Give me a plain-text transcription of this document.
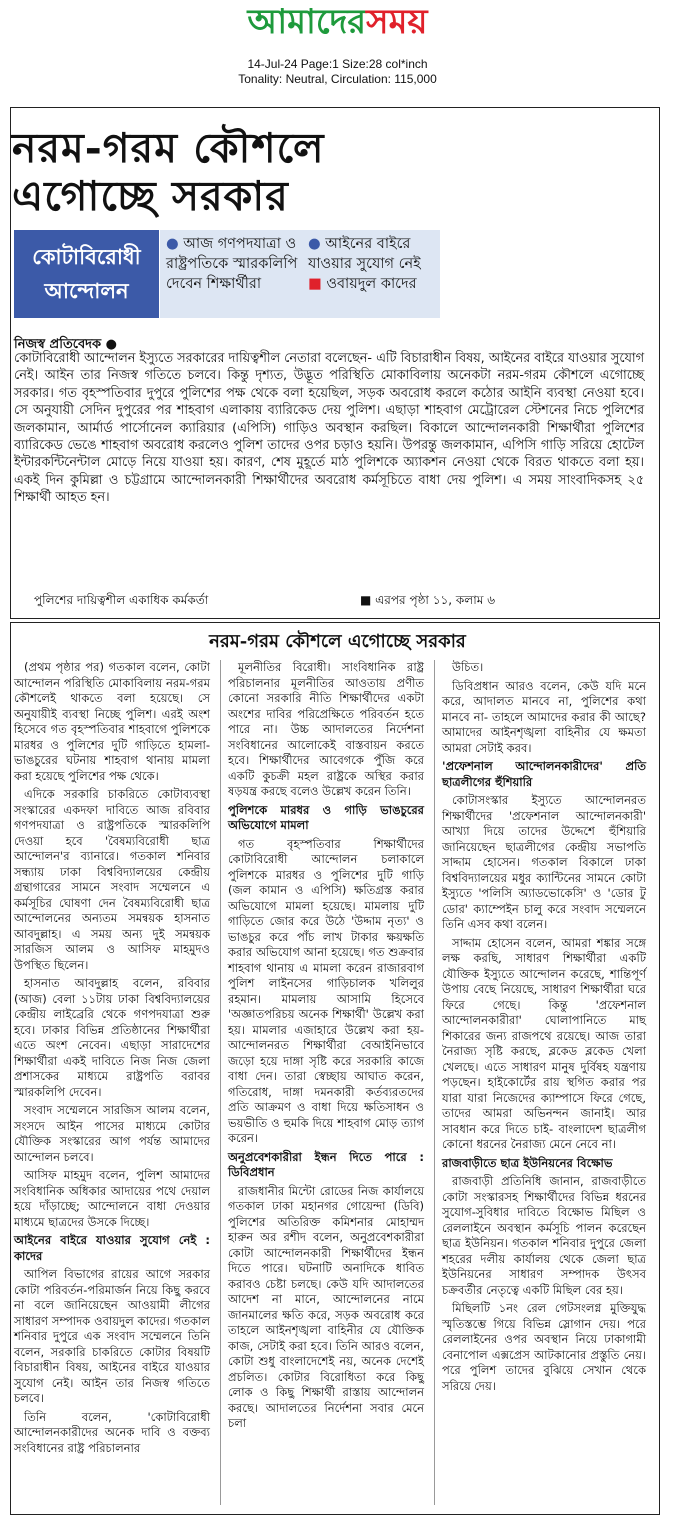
আমাদেরসময়
14-Jul-24 Page:1 Size:28 col*inch
Tonality: Neutral, Circulation: 115,000
নরম-গরম কৌশলে
এগোচ্ছে সরকার
কোটাবিরোধী
আন্দোলন
● আজ গণপদযাত্রা ও রাষ্ট্রপতিকে স্মারকলিপি দেবেন শিক্ষার্থীরা
● আইনের বাইরে যাওয়ার সুযোগ নেই
■ ওবায়দুল কাদের
নিজস্ব প্রতিবেদক ●
কোটাবিরোধী আন্দোলন ইস্যুতে সরকারের দায়িত্বশীল নেতারা বলেছেন- এটি বিচারাধীন বিষয়, আইনের বাইরে যাওয়ার সুযোগ নেই। আইন তার নিজস্ব গতিতে চলবে। কিন্তু দৃশ্যত, উদ্ভূত পরিস্থিতি মোকাবিলায় অনেকটা নরম-গরম কৌশলে এগোচ্ছে সরকার। গত বৃহস্পতিবার দুপুরে পুলিশের পক্ষ থেকে বলা হয়েছিল, সড়ক অবরোধ করলে কঠোর আইনি ব্যবস্থা নেওয়া হবে। সে অনুযায়ী সেদিন দুপুরের পর শাহবাগ এলাকায় ব্যারিকেড দেয় পুলিশ। এছাড়া শাহবাগ মেট্রোরেল স্টেশনের নিচে পুলিশের জলকামান, আর্মার্ড পার্সোনেল ক্যারিয়ার (এপিসি) গাড়িও অবস্থান করছিল। বিকালে আন্দোলনকারী শিক্ষার্থীরা পুলিশের ব্যারিকেড ভেঙে শাহবাগ অবরোধ করলেও পুলিশ তাদের ওপর চড়াও হয়নি। উপরন্তু জলকামান, এপিসি গাড়ি সরিয়ে হোটেল ইন্টারকন্টিনেন্টাল মোড়ে নিয়ে যাওয়া হয়। কারণ, শেষ মুহূর্তে মাঠ পুলিশকে অ্যাকশন নেওয়া থেকে বিরত থাকতে বলা হয়। একই দিন কুমিল্লা ও চট্টগ্রামে আন্দোলনকারী শিক্ষার্থীদের অবরোধ কর্মসূচিতে বাধা দেয় পুলিশ। এ সময় সাংবাদিকসহ ২৫ শিক্ষার্থী আহত হন।
পুলিশের দায়িত্বশীল একাধিক কর্মকর্তা	■ এরপর পৃষ্ঠা ১১, কলাম ৬
নরম-গরম কৌশলে এগোচ্ছে সরকার

(প্রথম পৃষ্ঠার পর) গতকাল বলেন, কোটা আন্দোলন পরিস্থিতি মোকাবিলায় নরম-গরম কৌশলেই থাকতে বলা হয়েছে। সে অনুযায়ীই ব্যবস্থা নিচ্ছে পুলিশ। এরই অংশ হিসেবে গত বৃহস্পতিবার শাহবাগে পুলিশকে মারধর ও পুলিশের দুটি গাড়িতে হামলা-ভাঙচুরের ঘটনায় শাহবাগ থানায় মামলা করা হয়েছে পুলিশের পক্ষ থেকে।

এদিকে সরকারি চাকরিতে কোটাব্যবস্থা সংস্কারের একদফা দাবিতে আজ রবিবার গণপদযাত্রা ও রাষ্ট্রপতিকে স্মারকলিপি দেওয়া হবে 'বৈষম্যবিরোধী ছাত্র আন্দোলন'র ব্যানারে। গতকাল শনিবার সন্ধ্যায় ঢাকা বিশ্ববিদ্যালয়ের কেন্দ্রীয় গ্রন্থাগারের সামনে সংবাদ সম্মেলনে এ কর্মসূচির ঘোষণা দেন বৈষম্যবিরোধী ছাত্র আন্দোলনের অন্যতম সমন্বয়ক হাসনাত আবদুল্লাহ। এ সময় অন্য দুই সমন্বয়ক সারজিস আলম ও আসিফ মাহমুদও উপস্থিত ছিলেন।

হাসনাত আবদুল্লাহ বলেন, রবিবার (আজ) বেলা ১১টায় ঢাকা বিশ্ববিদ্যালয়ের কেন্দ্রীয় লাইব্রেরি থেকে গণপদযাত্রা শুরু হবে। ঢাকার বিভিন্ন প্রতিষ্ঠানের শিক্ষার্থীরা এতে অংশ নেবেন। এছাড়া সারাদেশের শিক্ষার্থীরা একই দাবিতে নিজ নিজ জেলা প্রশাসকের মাধ্যমে রাষ্ট্রপতি বরাবর স্মারকলিপি দেবেন।

সংবাদ সম্মেলনে সারজিস আলম বলেন, সংসদে আইন পাসের মাধ্যমে কোটার যৌক্তিক সংস্কারের আগ পর্যন্ত আমাদের আন্দোলন চলবে।

আসিফ মাহমুদ বলেন, পুলিশ আমাদের সংবিধানিক অধিকার আদায়ের পথে দেয়াল হয়ে দাঁড়াচ্ছে; আন্দোলনে বাধা দেওয়ার মাধ্যমে ছাত্রদের উসকে দিচ্ছে।

আইনের বাইরে যাওয়ার সুযোগ নেই : কাদের

আপিল বিভাগের রায়ের আগে সরকার কোটা পরিবর্তন-পরিমার্জন নিয়ে কিছু করবে না বলে জানিয়েছেন আওয়ামী লীগের সাধারণ সম্পাদক ওবায়দুল কাদের। গতকাল শনিবার দুপুরে এক সংবাদ সম্মেলনে তিনি বলেন, সরকারি চাকরিতে কোটার বিষয়টি বিচারাধীন বিষয়, আইনের বাইরে যাওয়ার সুযোগ নেই। আইন তার নিজস্ব গতিতে চলবে।

তিনি বলেন, 'কোটাবিরোধী আন্দোলনকারীদের অনেক দাবি ও বক্তব্য সংবিধানের রাষ্ট্র পরিচালনার

মূলনীতির বিরোধী। সাংবিধানিক রাষ্ট্র পরিচালনার মূলনীতির আওতায় প্রণীত কোনো সরকারি নীতি শিক্ষার্থীদের একটা অংশের দাবির পরিপ্রেক্ষিতে পরিবর্তন হতে পারে না। উচ্চ আদালতের নির্দেশনা সংবিধানের আলোকেই বাস্তবায়ন করতে হবে। শিক্ষার্থীদের আবেগকে পুঁজি করে একটি কুচক্রী মহল রাষ্ট্রকে অস্থির করার ষড়যন্ত্র করছে বলেও উল্লেখ করেন তিনি।

পুলিশকে মারধর ও গাড়ি ভাঙচুরের অভিযোগে মামলা

গত বৃহস্পতিবার শিক্ষার্থীদের কোটাবিরোধী আন্দোলন চলাকালে পুলিশকে মারধর ও পুলিশের দুটি গাড়ি (জল কামান ও এপিসি) ক্ষতিগ্রস্ত করার অভিযোগে মামলা হয়েছে। মামলায় দুটি গাড়িতে জোর করে উঠে 'উদ্দাম নৃত্য' ও ভাঙচুর করে পাঁচ লাখ টাকার ক্ষয়ক্ষতি করার অভিযোগ আনা হয়েছে। গত শুক্রবার শাহবাগ থানায় এ মামলা করেন রাজারবাগ পুলিশ লাইনসের গাড়িচালক খলিলুর রহমান। মামলায় আসামি হিসেবে 'অজ্ঞাতপরিচয় অনেক শিক্ষার্থী' উল্লেখ করা হয়। মামলার এজাহারে উল্লেখ করা হয়- আন্দোলনরত শিক্ষার্থীরা বেআইনিভাবে জড়ো হয়ে দাঙ্গা সৃষ্টি করে সরকারি কাজে বাধা দেন। তারা স্বেচ্ছায় আঘাত করেন, গতিরোধ, দাঙ্গা দমনকারী কর্তব্যরতদের প্রতি আক্রমণ ও বাধা দিয়ে ক্ষতিসাধন ও ভয়ভীতি ও হুমকি দিয়ে শাহবাগ মোড় ত্যাগ করেন।

অনুপ্রবেশকারীরা ইন্ধন দিতে পারে : ডিবিপ্রধান

রাজধানীর মিন্টো রোডের নিজ কার্যালয়ে গতকাল ঢাকা মহানগর গোয়েন্দা (ডিবি) পুলিশের অতিরিক্ত কমিশনার মোহাম্মদ হারুন অর রশীদ বলেন, অনুপ্রবেশকারীরা কোটা আন্দোলনকারী শিক্ষার্থীদের ইন্ধন দিতে পারে। ঘটনাটি অনাদিকে ধাবিত করাবও চেষ্টা চলছে। কেউ যদি আদালতের আদেশ না মানে, আন্দোলনের নামে জানমালের ক্ষতি করে, সড়ক অবরোধ করে তাহলে আইনশৃঙ্খলা বাহিনীর যে যৌক্তিক কাজ, সেটাই করা হবে। তিনি আরও বলেন, কোটা শুধু বাংলাদেশেই নয়, অনেক দেশেই প্রচলিত। কোটার বিরোধিতা করে কিছু লোক ও কিছু শিক্ষার্থী রাস্তায় আন্দোলন করছে। আদালতের নির্দেশনা সবার মেনে চলা

উচিত।

ডিবিপ্রধান আরও বলেন, কেউ যদি মনে করে, আদালত মানবে না, পুলিশের কথা মানবে না- তাহলে আমাদের করার কী আছে? আমাদের আইনশৃঙ্খলা বাহিনীর যে ক্ষমতা আমরা সেটাই করব।

'প্রফেশনাল আন্দোলনকারীদের' প্রতি ছাত্রলীগের হুঁশিয়ারি

কোটাসংস্কার ইস্যুতে আন্দোলনরত শিক্ষার্থীদের 'প্রফেশনাল আন্দোলনকারী' আখ্যা দিয়ে তাদের উদ্দেশে হুঁশিয়ারি জানিয়েছেন ছাত্রলীগের কেন্দ্রীয় সভাপতি সাদ্দাম হোসেন। গতকাল বিকালে ঢাকা বিশ্ববিদ্যালয়ের মধুর ক্যান্টিনের সামনে কোটা ইস্যুতে 'পলিসি অ্যাডভোকেসি' ও 'ডোর টু ডোর' ক্যাম্পেইন চালু করে সংবাদ সম্মেলনে তিনি এসব কথা বলেন।

সাদ্দাম হোসেন বলেন, আমরা শঙ্কার সঙ্গে লক্ষ করছি, সাধারণ শিক্ষার্থীরা একটি যৌক্তিক ইস্যুতে আন্দোলন করেছে, শান্তিপূর্ণ উপায় বেছে নিয়েছে, সাধারণ শিক্ষার্থীরা ঘরে ফিরে গেছে। কিন্তু 'প্রফেশনাল আন্দোলনকারীরা' ঘোলাপানিতে মাছ শিকারের জন্য রাজপথে রয়েছে। আজ তারা নৈরাজ্য সৃষ্টি করছে, ব্লকেড ব্লকেড খেলা খেলছে। এতে সাধারণ মানুষ দুর্বিষহ যন্ত্রণায় পড়ছেন। হাইকোর্টের রায় স্থগিত করার পর যারা যারা নিজেদের ক্যাম্পাসে ফিরে গেছে, তাদের আমরা অভিনন্দন জানাই। আর সাবধান করে দিতে চাই- বাংলাদেশ ছাত্রলীগ কোনো ধরনের নৈরাজ্য মেনে নেবে না।

রাজবাড়ীতে ছাত্র ইউনিয়নের বিক্ষোভ

রাজবাড়ী প্রতিনিধি জানান, রাজবাড়ীতে কোটা সংস্কারসহ শিক্ষার্থীদের বিভিন্ন ধরনের সুযোগ-সুবিধার দাবিতে বিক্ষোভ মিছিল ও রেললাইনে অবস্থান কর্মসূচি পালন করেছেন ছাত্র ইউনিয়ন। গতকাল শনিবার দুপুরে জেলা শহরের দলীয় কার্যালয় থেকে জেলা ছাত্র ইউনিয়নের সাধারণ সম্পাদক উৎসব চক্রবর্তীর নেতৃত্বে একটি মিছিল বের হয়।

মিছিলটি ১নং রেল গেটসংলগ্ন মুক্তিযুদ্ধ স্মৃতিস্তম্ভে গিয়ে বিভিন্ন স্লোগান দেয়। পরে রেললাইনের ওপর অবস্থান নিয়ে ঢাকাগামী বেনাপোল এক্সপ্রেস আটকানোর প্রস্তুতি নেয়। পরে পুলিশ তাদের বুঝিয়ে সেখান থেকে সরিয়ে দেয়।
